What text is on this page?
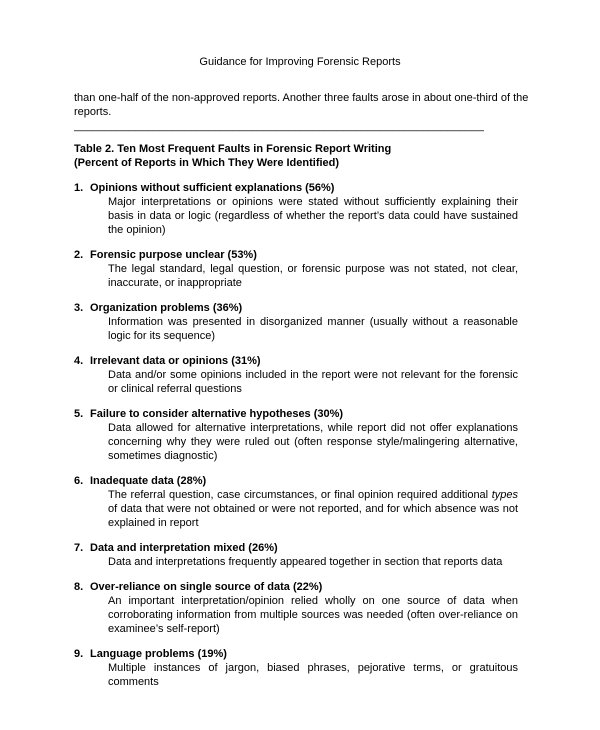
Guidance for Improving Forensic Reports
than one-half of the non-approved reports. Another three faults arose in about one-third of the reports.
___________________________________________________________________
Table 2. Ten Most Frequent Faults in Forensic Report Writing
(Percent of Reports in Which They Were Identified)
1. Opinions without sufficient explanations (56%)
Major interpretations or opinions were stated without sufficiently explaining their basis in data or logic (regardless of whether the report’s data could have sustained the opinion)
2. Forensic purpose unclear (53%)
The legal standard, legal question, or forensic purpose was not stated, not clear, inaccurate, or inappropriate
3. Organization problems (36%)
Information was presented in disorganized manner (usually without a reasonable logic for its sequence)
4. Irrelevant data or opinions (31%)
Data and/or some opinions included in the report were not relevant for the forensic or clinical referral questions
5. Failure to consider alternative hypotheses (30%)
Data allowed for alternative interpretations, while report did not offer explanations concerning why they were ruled out (often response style/malingering alternative, sometimes diagnostic)
6. Inadequate data (28%)
The referral question, case circumstances, or final opinion required additional types of data that were not obtained or were not reported, and for which absence was not explained in report
7. Data and interpretation mixed (26%)
Data and interpretations frequently appeared together in section that reports data
8. Over-reliance on single source of data (22%)
An important interpretation/opinion relied wholly on one source of data when corroborating information from multiple sources was needed (often over-reliance on examinee’s self-report)
9. Language problems (19%)
Multiple instances of jargon, biased phrases, pejorative terms, or gratuitous comments
